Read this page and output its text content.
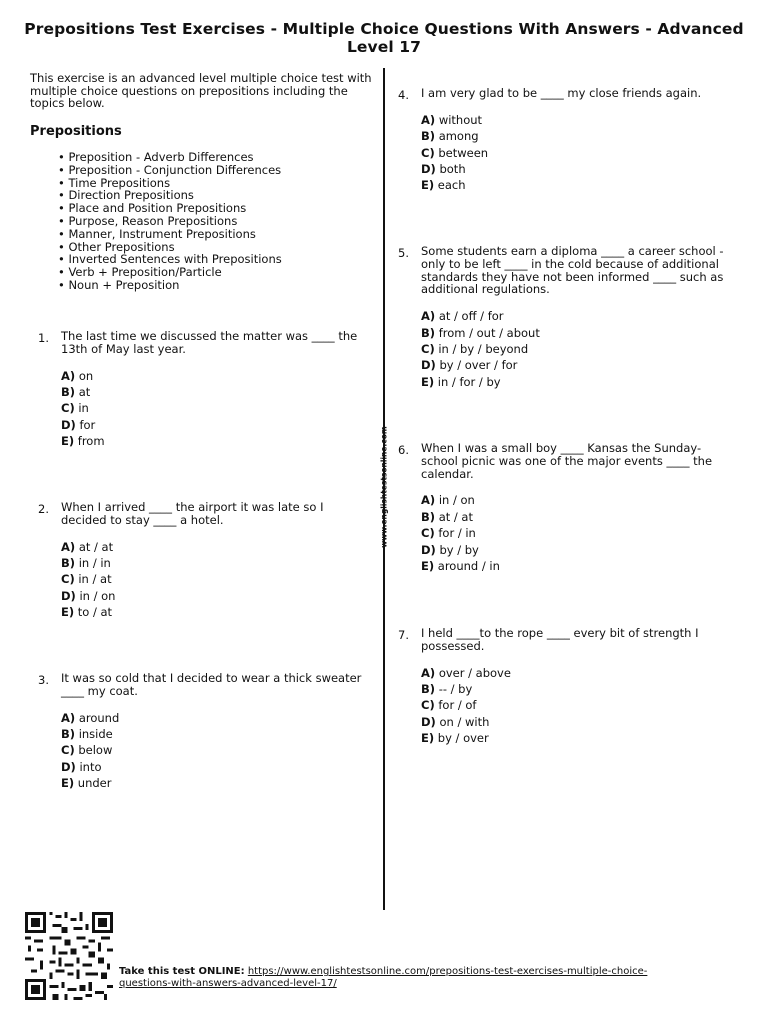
Prepositions Test Exercises - Multiple Choice Questions With Answers - Advanced Level 17
www.englishtestsonline.com
This exercise is an advanced level multiple choice test with multiple choice questions on prepositions including the topics below.
Prepositions
• Preposition - Adverb Differences
• Preposition - Conjunction Differences
• Time Prepositions
• Direction Prepositions
• Place and Position Prepositions
• Purpose, Reason Prepositions
• Manner, Instrument Prepositions
• Other Prepositions
• Inverted Sentences with Prepositions
• Verb + Preposition/Particle
• Noun + Preposition
1.	The last time we discussed the matter was ____ the 13th of May last year.
A) on
B) at
C) in
D) for
E) from
2.	When I arrived ____ the airport it was late so I decided to stay ____ a hotel.
A) at / at
B) in / in
C) in / at
D) in / on
E) to / at
3.	It was so cold that I decided to wear a thick sweater ____ my coat.
A) around
B) inside
C) below
D) into
E) under
4.	I am very glad to be ____ my close friends again.
A) without
B) among
C) between
D) both
E) each
5.	Some students earn a diploma ____ a career school - only to be left ____ in the cold because of additional standards they have not been informed ____ such as additional regulations.
A) at / off / for
B) from / out / about
C) in / by / beyond
D) by / over / for
E) in / for / by
6.	When I was a small boy ____ Kansas the Sunday-school picnic was one of the major events ____ the calendar.
A) in / on
B) at / at
C) for / in
D) by / by
E) around / in
7.	I held ____to the rope ____ every bit of strength I possessed.
A) over / above
B) -- / by
C) for / of
D) on / with
E) by / over
Take this test ONLINE: https://www.englishtestsonline.com/prepositions-test-exercises-multiple-choice-questions-with-answers-advanced-level-17/
